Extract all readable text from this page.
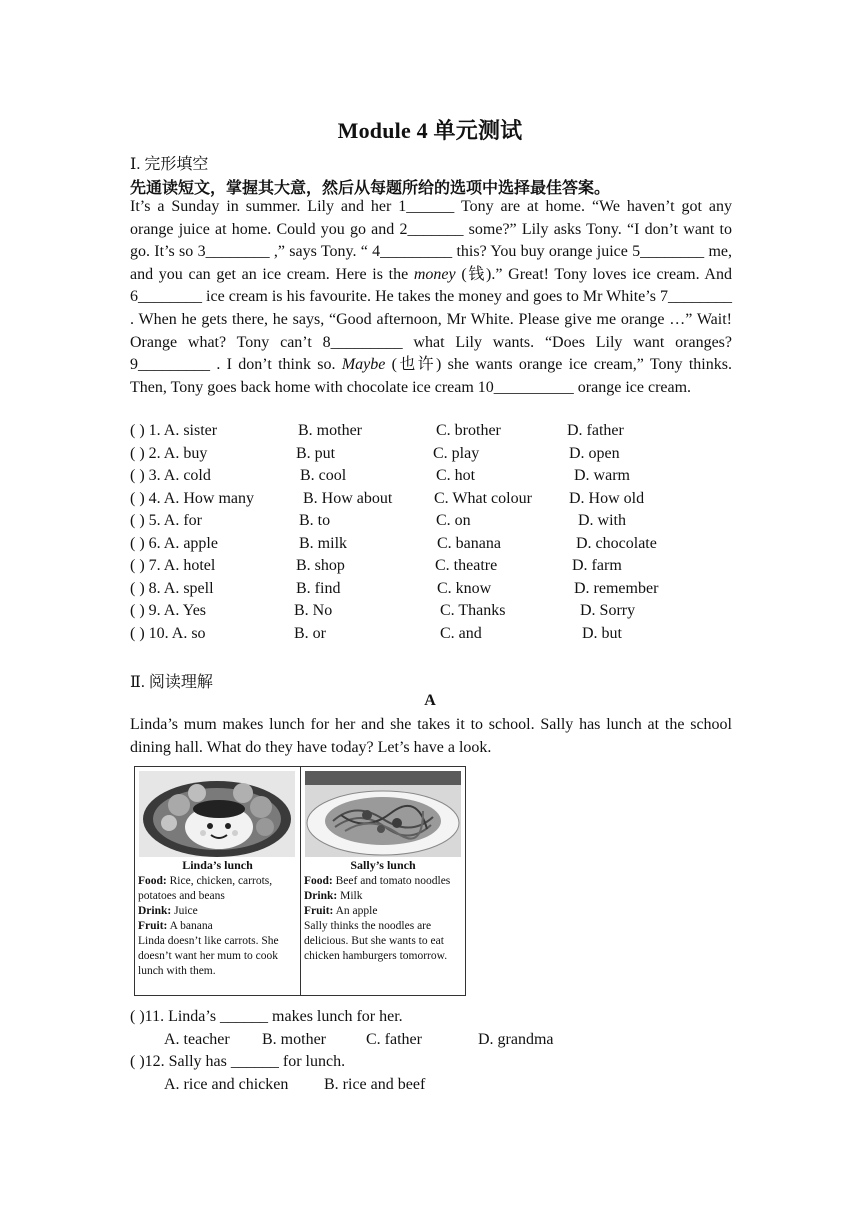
Module 4 单元测试
Ⅰ. 完形填空
先通读短文，掌握其大意，然后从每题所给的选项中选择最佳答案。

It’s a Sunday in summer. Lily and her 1______ Tony are at home. “We haven’t got any orange juice at home. Could you go and 2_______ some?” Lily asks Tony. “I don’t want to go. It’s so 3________ ,” says Tony. “ 4_________ this? You buy orange juice 5________ me, and you can get an ice cream. Here is the money (钱).” Great! Tony loves ice cream. And 6________ ice cream is his favourite. He takes the money and goes to Mr White’s 7________ . When he gets there, he says, “Good afternoon, Mr White. Please give me orange …” Wait! Orange what? Tony can’t 8_________ what Lily wants. “Does Lily want oranges? 9_________ . I don’t think so. Maybe (也许) she wants orange ice cream,” Tony thinks. Then, Tony goes back home with chocolate ice cream 10__________ orange ice cream.

( ) 1. A. sister	B. mother	C. brother	D. father
( ) 2. A. buy	B. put	C. play	D. open
( ) 3. A. cold	B. cool	C. hot	D. warm
( ) 4. A. How many	B. How about	C. What colour D. How old
( ) 5. A. for	B. to	C. on	D. with
( ) 6. A. apple	B. milk	C. banana	D. chocolate
( ) 7. A. hotel	B. shop	C. theatre	D. farm
( ) 8. A. spell	B. find	C. know	D. remember
( ) 9. A. Yes	B. No	C. Thanks	D. Sorry
( ) 10. A. so	B. or	C. and	D. but
Ⅱ. 阅读理解
A
Linda’s mum makes lunch for her and she takes it to school. Sally has lunch at the school dining hall. What do they have today? Let’s have a look.
Linda’s lunch
Food: Rice, chicken, carrots, potatoes and beans
Drink: Juice
Fruit: A banana
Linda doesn’t like carrots. She doesn’t want her mum to cook lunch with them.
Sally’s lunch
Food: Beef and tomato noodles
Drink: Milk
Fruit: An apple
Sally thinks the noodles are delicious. But she wants to eat chicken hamburgers tomorrow.
( )11. Linda’s ______ makes lunch for her.
A. teacher B. mother	C. father	D. grandma
( )12. Sally has ______ for lunch.
A. rice and chicken B. rice and beef
